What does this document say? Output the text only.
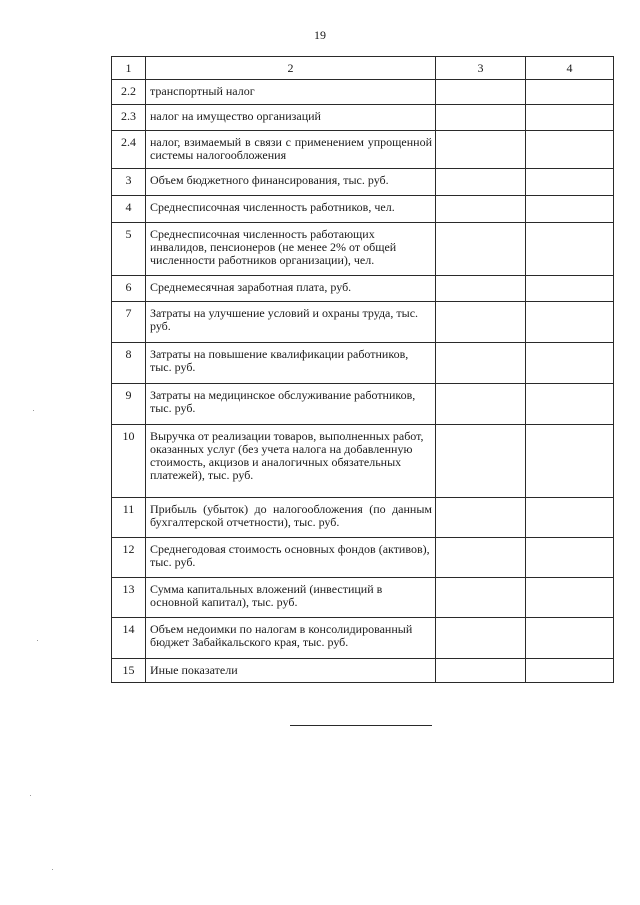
19
1	2	3	4
2.2	транспортный налог		
2.3	налог на имущество организаций		
2.4	налог, взимаемый в связи с применением упрощенной системы налогообложения		
3	Объем бюджетного финансирования, тыс. руб.		
4	Среднесписочная численность работников, чел.		
5	Среднесписочная численность работающих инвалидов, пенсионеров (не менее 2% от общей численности работников организации), чел.		
6	Среднемесячная заработная плата, руб.		
7	Затраты на улучшение условий и охраны труда, тыс. руб.		
8	Затраты на повышение квалификации работников, тыс. руб.		
9	Затраты на медицинское обслуживание работников, тыс. руб.		
10	Выручка от реализации товаров, выполненных работ, оказанных услуг (без учета налога на добавленную стоимость, акцизов и аналогичных обязательных платежей), тыс. руб.		
11	Прибыль (убыток) до налогообложения (по данным бухгалтерской отчетности), тыс. руб.		
12	Среднегодовая стоимость основных фондов (активов), тыс. руб.		
13	Сумма капитальных вложений (инвестиций в основной капитал), тыс. руб.		
14	Объем недоимки по налогам в консолидированный бюджет Забайкальского края, тыс. руб.		
15	Иные показатели		
